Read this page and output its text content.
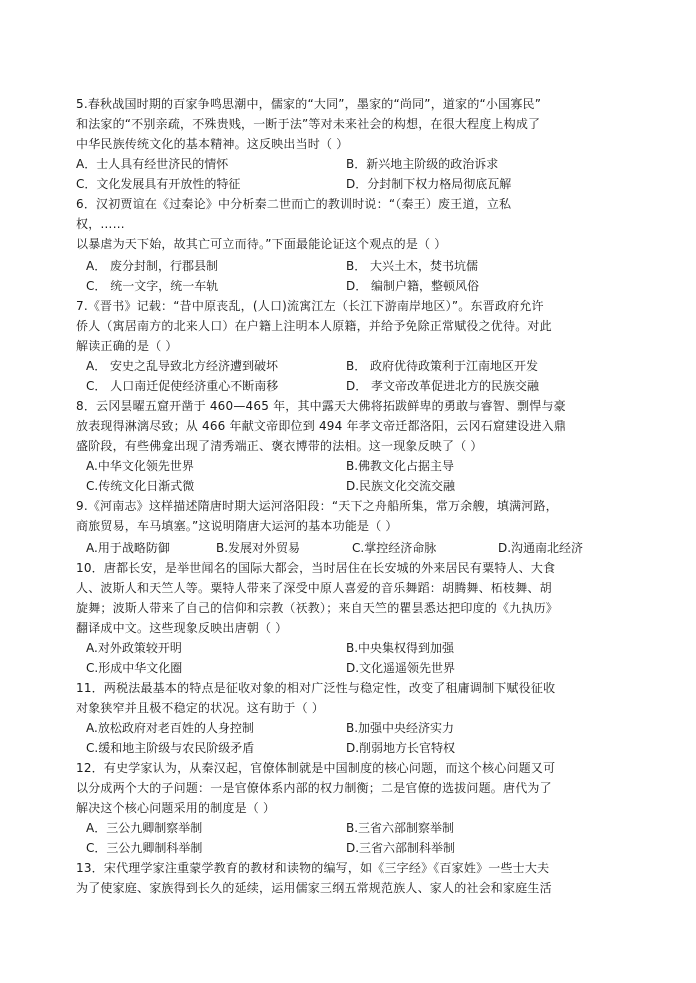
5.春秋战国时期的百家争鸣思潮中，儒家的“大同”，墨家的“尚同”，道家的“小国寡民”
和法家的“不别亲疏，不殊贵贱，一断于法”等对未来社会的构想，在很大程度上构成了
中华民族传统文化的基本精神。这反映出当时（ ）
A．士人具有经世济民的情怀	B．新兴地主阶级的政治诉求
C．文化发展具有开放性的特征	D．分封制下权力格局彻底瓦解
6．汉初贾谊在《过秦论》中分析秦二世而亡的教训时说：“（秦王）废王道，立私
权，……
以暴虐为天下始，故其亡可立而待。”下面最能论证这个观点的是（ ）
A． 废分封制，行郡县制	B． 大兴土木，焚书坑儒
C． 统一文字，统一车轨	D． 编制户籍，整顿风俗
7.《晋书》记载：“昔中原丧乱，(人口)流寓江左（长江下游南岸地区）”。东晋政府允许
侨人（寓居南方的北来人口）在户籍上注明本人原籍，并给予免除正常赋役之优待。对此
解读正确的是（ ）
A． 安史之乱导致北方经济遭到破坏	B． 政府优待政策利于江南地区开发
C． 人口南迁促使经济重心不断南移	D． 孝文帝改革促进北方的民族交融
8．云冈昙曜五窟开凿于 460—465 年，其中露天大佛将拓跋鲜卑的勇敢与睿智、剽悍与豪
放表现得淋漓尽致；从 466 年献文帝即位到 494 年孝文帝迁都洛阳，云冈石窟建设进入鼎
盛阶段，有些佛龛出现了清秀端正、褒衣博带的法相。这一现象反映了（ ）
A.中华文化领先世界	B.佛教文化占据主导
C.传统文化日渐式微	D.民族文化交流交融
9.《河南志》这样描述隋唐时期大运河洛阳段：“天下之舟船所集，常万余艘，填满河路，
商旅贸易，车马填塞。”这说明隋唐大运河的基本功能是（ ）
A.用于战略防御	B.发展对外贸易	C.掌控经济命脉	D.沟通南北经济
10．唐都长安，是举世闻名的国际大都会，当时居住在长安城的外来居民有粟特人、大食
人、波斯人和天竺人等。粟特人带来了深受中原人喜爱的音乐舞蹈：胡腾舞、柘枝舞、胡
旋舞；波斯人带来了自己的信仰和宗教（祆教）；来自天竺的瞿昙悉达把印度的《九执历》
翻译成中文。这些现象反映出唐朝（ ）
A.对外政策较开明	B.中央集权得到加强
C.形成中华文化圈	D.文化遥遥领先世界
11．两税法最基本的特点是征收对象的相对广泛性与稳定性，改变了租庸调制下赋役征收
对象狭窄并且极不稳定的状况。这有助于（ ）
A.放松政府对老百姓的人身控制	B.加强中央经济实力
C.缓和地主阶级与农民阶级矛盾	D.削弱地方长官特权
12．有史学家认为，从秦汉起，官僚体制就是中国制度的核心问题，而这个核心问题又可
以分成两个大的子问题：一是官僚体系内部的权力制衡；二是官僚的选拔问题。唐代为了
解决这个核心问题采用的制度是（ ）
A．三公九卿制察举制	B.三省六部制察举制
C．三公九卿制科举制	D.三省六部制科举制
13．宋代理学家注重蒙学教育的教材和读物的编写，如《三字经》《百家姓》一些士大夫
为了使家庭、家族得到长久的延续，运用儒家三纲五常规范族人、家人的社会和家庭生活
